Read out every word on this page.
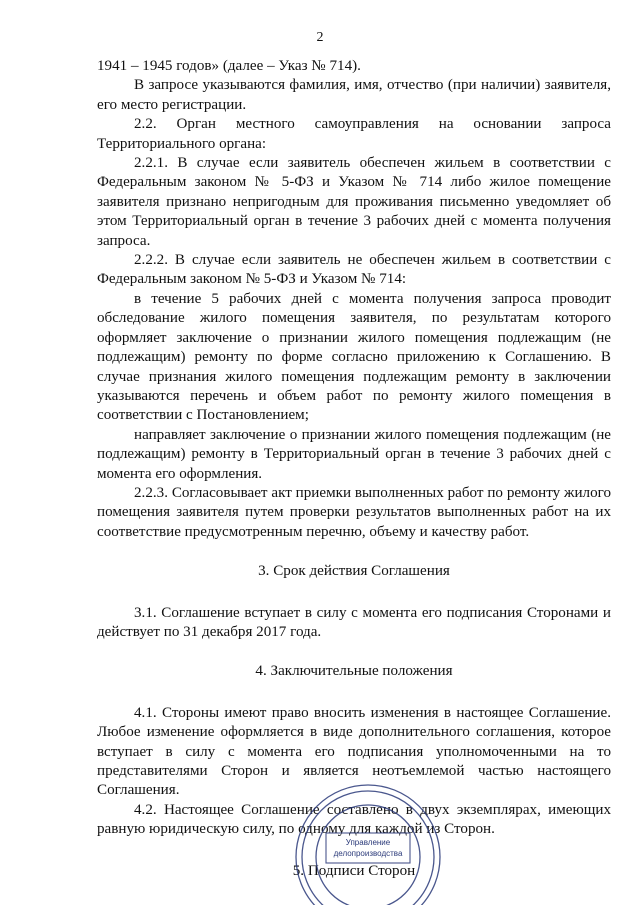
2

1941 – 1945 годов» (далее – Указ № 714).

В запросе указываются фамилия, имя, отчество (при наличии) заявителя, его место регистрации.

2.2. Орган местного самоуправления на основании запроса Территориального органа:

2.2.1. В случае если заявитель обеспечен жильем в соответствии с Федеральным законом № 5-ФЗ и Указом № 714 либо жилое помещение заявителя признано непригодным для проживания письменно уведомляет об этом Территориальный орган в течение 3 рабочих дней с момента получения запроса.

2.2.2. В случае если заявитель не обеспечен жильем в соответствии с Федеральным законом № 5-ФЗ и Указом № 714:

в течение 5 рабочих дней с момента получения запроса проводит обследование жилого помещения заявителя, по результатам которого оформляет заключение о признании жилого помещения подлежащим (не подлежащим) ремонту по форме согласно приложению к Соглашению. В случае признания жилого помещения подлежащим ремонту в заключении указываются перечень и объем работ по ремонту жилого помещения в соответствии с Постановлением;

направляет заключение о признании жилого помещения подлежащим (не подлежащим) ремонту в Территориальный орган в течение 3 рабочих дней с момента его оформления.

2.2.3. Согласовывает акт приемки выполненных работ по ремонту жилого помещения заявителя путем проверки результатов выполненных работ на их соответствие предусмотренным перечню, объему и качеству работ.

3. Срок действия Соглашения

3.1. Соглашение вступает в силу с момента его подписания Сторонами и действует по 31 декабря 2017 года.

4. Заключительные положения

4.1. Стороны имеют право вносить изменения в настоящее Соглашение. Любое изменение оформляется в виде дополнительного соглашения, которое вступает в силу с момента его подписания уполномоченными на то представителями Сторон и является неотъемлемой частью настоящего Соглашения.

4.2. Настоящее Соглашение составлено в двух экземплярах, имеющих равную юридическую силу, по одному для каждой из Сторон.

5. Подписи Сторон

Управление
делопроизводства
